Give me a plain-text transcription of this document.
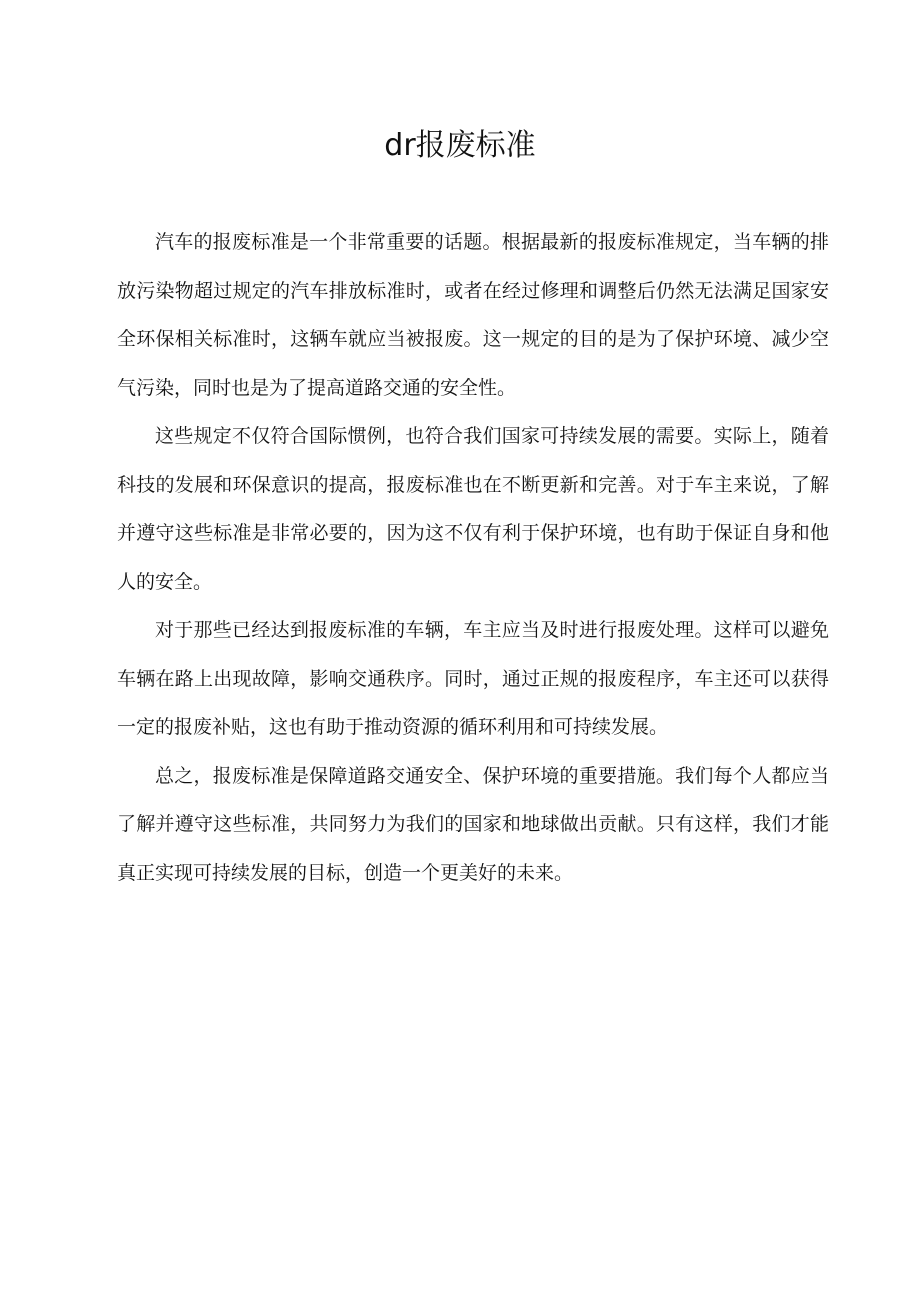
dr报废标准

汽车的报废标准是一个非常重要的话题。根据最新的报废标准规定，当车辆的排放污染物超过规定的汽车排放标准时，或者在经过修理和调整后仍然无法满足国家安全环保相关标准时，这辆车就应当被报废。这一规定的目的是为了保护环境、减少空气污染，同时也是为了提高道路交通的安全性。

这些规定不仅符合国际惯例，也符合我们国家可持续发展的需要。实际上，随着科技的发展和环保意识的提高，报废标准也在不断更新和完善。对于车主来说，了解并遵守这些标准是非常必要的，因为这不仅有利于保护环境，也有助于保证自身和他人的安全。

对于那些已经达到报废标准的车辆，车主应当及时进行报废处理。这样可以避免车辆在路上出现故障，影响交通秩序。同时，通过正规的报废程序，车主还可以获得一定的报废补贴，这也有助于推动资源的循环利用和可持续发展。

总之，报废标准是保障道路交通安全、保护环境的重要措施。我们每个人都应当了解并遵守这些标准，共同努力为我们的国家和地球做出贡献。只有这样，我们才能真正实现可持续发展的目标，创造一个更美好的未来。
